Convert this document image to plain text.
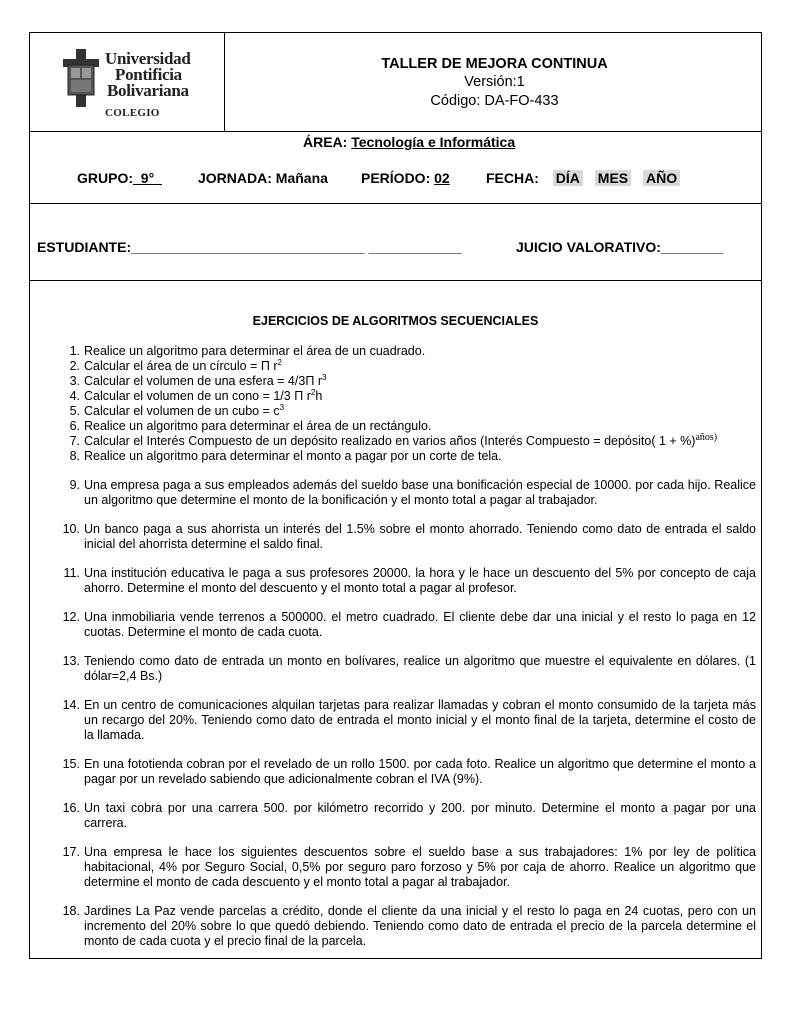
Universidad
Pontificia
Bolivariana
COLEGIO
TALLER DE MEJORA CONTINUA
Versión:1
Código: DA-FO-433
ÁREA: Tecnología e Informática
GRUPO:_9°_	JORNADA: Mañana PERÍODO: 02	FECHA: DÍA MES AÑO
ESTUDIANTE:______________________________ ____________	JUICIO VALORATIVO:________
EJERCICIOS DE ALGORITMOS SECUENCIALES
1. Realice un algoritmo para determinar el área de un cuadrado.
2. Calcular el área de un círculo = Π $r^2$
3. Calcular el volumen de una esfera = 4/3Π $r^3$
4. Calcular el volumen de un cono = 1/3 Π $r^2h$
5. Calcular el volumen de un cubo = $c^3$
6. Realice un algoritmo para determinar el área de un rectángulo.
7. Calcular el Interés Compuesto de un depósito realizado en varios años (Interés Compuesto = depósito( 1 + %)$^{años)}$
8. Realice un algoritmo para determinar el monto a pagar por un corte de tela.
9. Una empresa paga a sus empleados además del sueldo base una bonificación especial de 10000. por cada hijo. Realice un algoritmo que determine el monto de la bonificación y el monto total a pagar al trabajador.
10. Un banco paga a sus ahorrista un interés del 1.5% sobre el monto ahorrado. Teniendo como dato de entrada el saldo inicial del ahorrista determine el saldo final.
11. Una institución educativa le paga a sus profesores 20000. la hora y le hace un descuento del 5% por concepto de caja ahorro. Determine el monto del descuento y el monto total a pagar al profesor.
12. Una inmobiliaria vende terrenos a 500000. el metro cuadrado. El cliente debe dar una inicial y el resto lo paga en 12 cuotas. Determine el monto de cada cuota.
13. Teniendo como dato de entrada un monto en bolívares, realice un algoritmo que muestre el equivalente en dólares. (1 dólar=2,4 Bs.)
14. En un centro de comunicaciones alquilan tarjetas para realizar llamadas y cobran el monto consumido de la tarjeta más un recargo del 20%. Teniendo como dato de entrada el monto inicial y el monto final de la tarjeta, determine el costo de la llamada.
15. En una fototienda cobran por el revelado de un rollo 1500. por cada foto. Realice un algoritmo que determine el monto a pagar por un revelado sabiendo que adicionalmente cobran el IVA (9%).
16. Un taxi cobra por una carrera 500. por kilómetro recorrido y 200. por minuto. Determine el monto a pagar por una carrera.
17. Una empresa le hace los siguientes descuentos sobre el sueldo base a sus trabajadores: 1% por ley de política habitacional, 4% por Seguro Social, 0,5% por seguro paro forzoso y 5% por caja de ahorro. Realice un algoritmo que determine el monto de cada descuento y el monto total a pagar al trabajador.
18. Jardines La Paz vende parcelas a crédito, donde el cliente da una inicial y el resto lo paga en 24 cuotas, pero con un incremento del 20% sobre lo que quedó debiendo. Teniendo como dato de entrada el precio de la parcela determine el monto de cada cuota y el precio final de la parcela.
